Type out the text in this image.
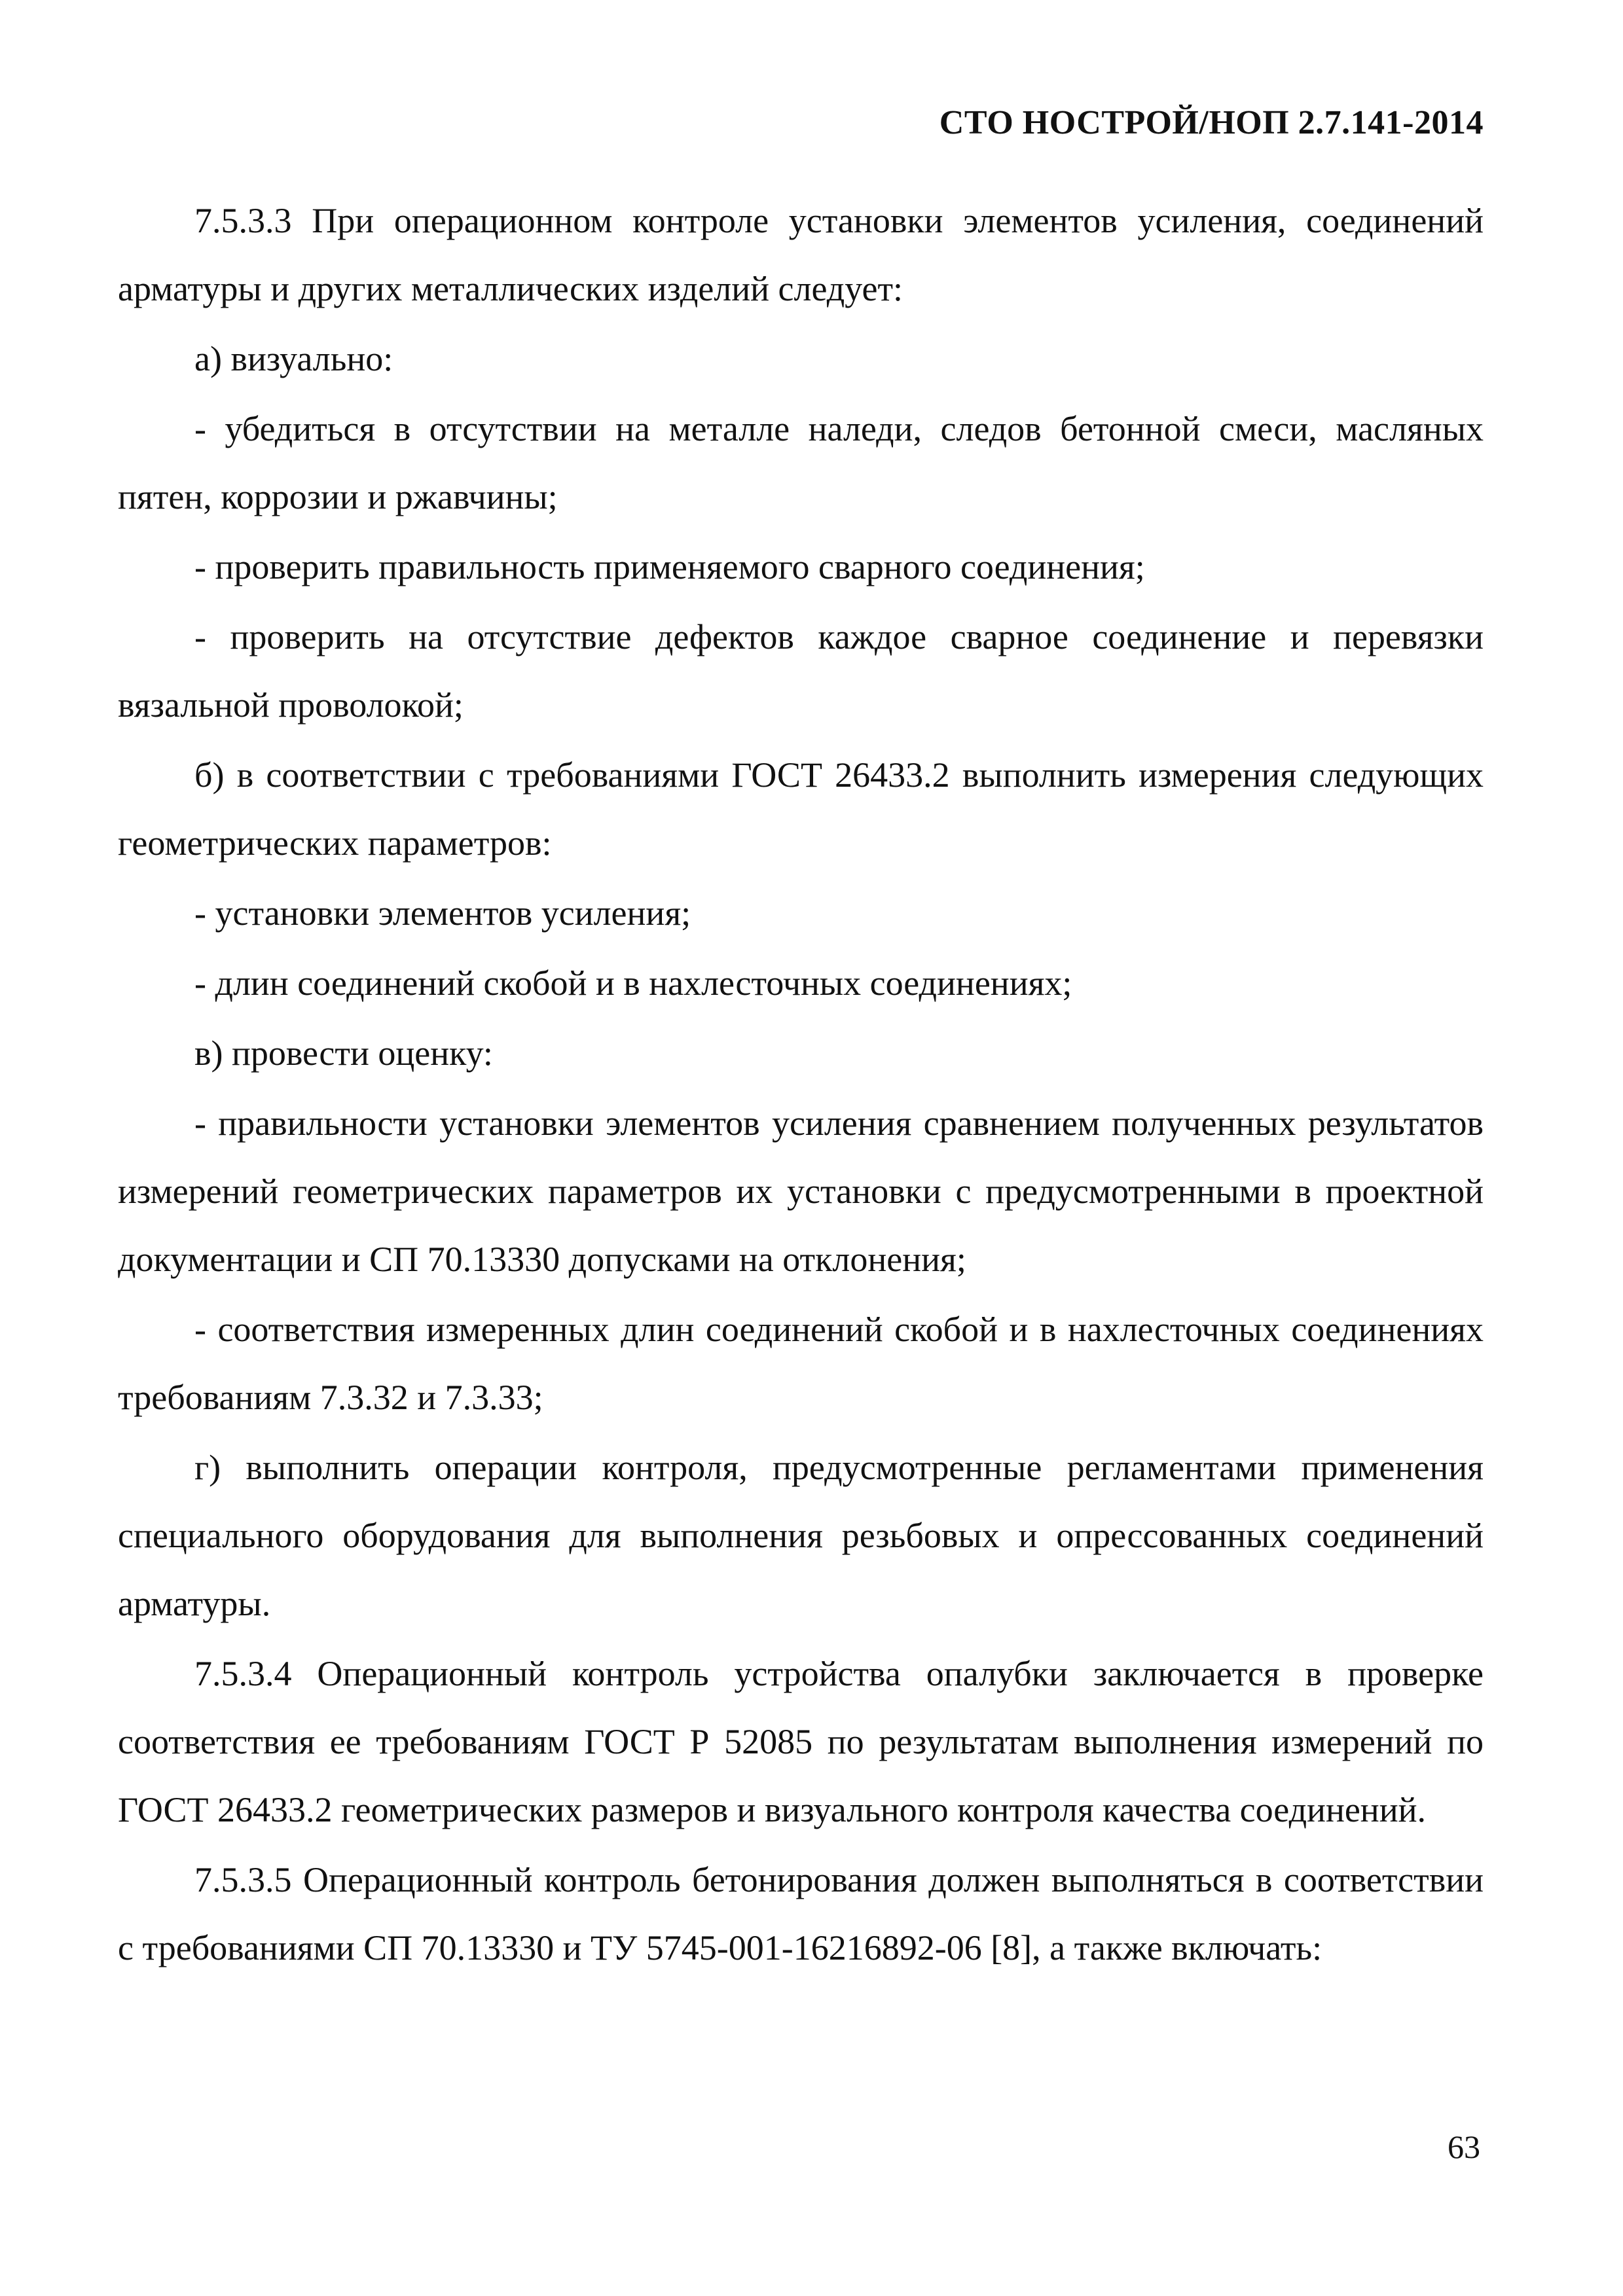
СТО НОСТРОЙ/НОП 2.7.141-2014

7.5.3.3 При операционном контроле установки элементов усиления, соединений арматуры и других металлических изделий следует:

а) визуально:

- убедиться в отсутствии на металле наледи, следов бетонной смеси, масляных пятен, коррозии и ржавчины;

- проверить правильность применяемого сварного соединения;

- проверить на отсутствие дефектов каждое сварное соединение и перевязки вязальной проволокой;

б) в соответствии с требованиями ГОСТ 26433.2 выполнить измерения следующих геометрических параметров:

- установки элементов усиления;

- длин соединений скобой и в нахлесточных соединениях;

в) провести оценку:

- правильности установки элементов усиления сравнением полученных результатов измерений геометрических параметров их установки с предусмотренными в проектной документации и СП 70.13330 допусками на отклонения;

- соответствия измеренных длин соединений скобой и в нахлесточных соединениях требованиям 7.3.32 и 7.3.33;

г) выполнить операции контроля, предусмотренные регламентами применения специального оборудования для выполнения резьбовых и опрессованных соединений арматуры.

7.5.3.4 Операционный контроль устройства опалубки заключается в проверке соответствия ее требованиям ГОСТ Р 52085 по результатам выполнения измерений по ГОСТ 26433.2 геометрических размеров и визуального контроля качества соединений.

7.5.3.5 Операционный контроль бетонирования должен выполняться в соответствии с требованиями СП 70.13330 и ТУ 5745-001-16216892-06 [8], а также включать:

63
